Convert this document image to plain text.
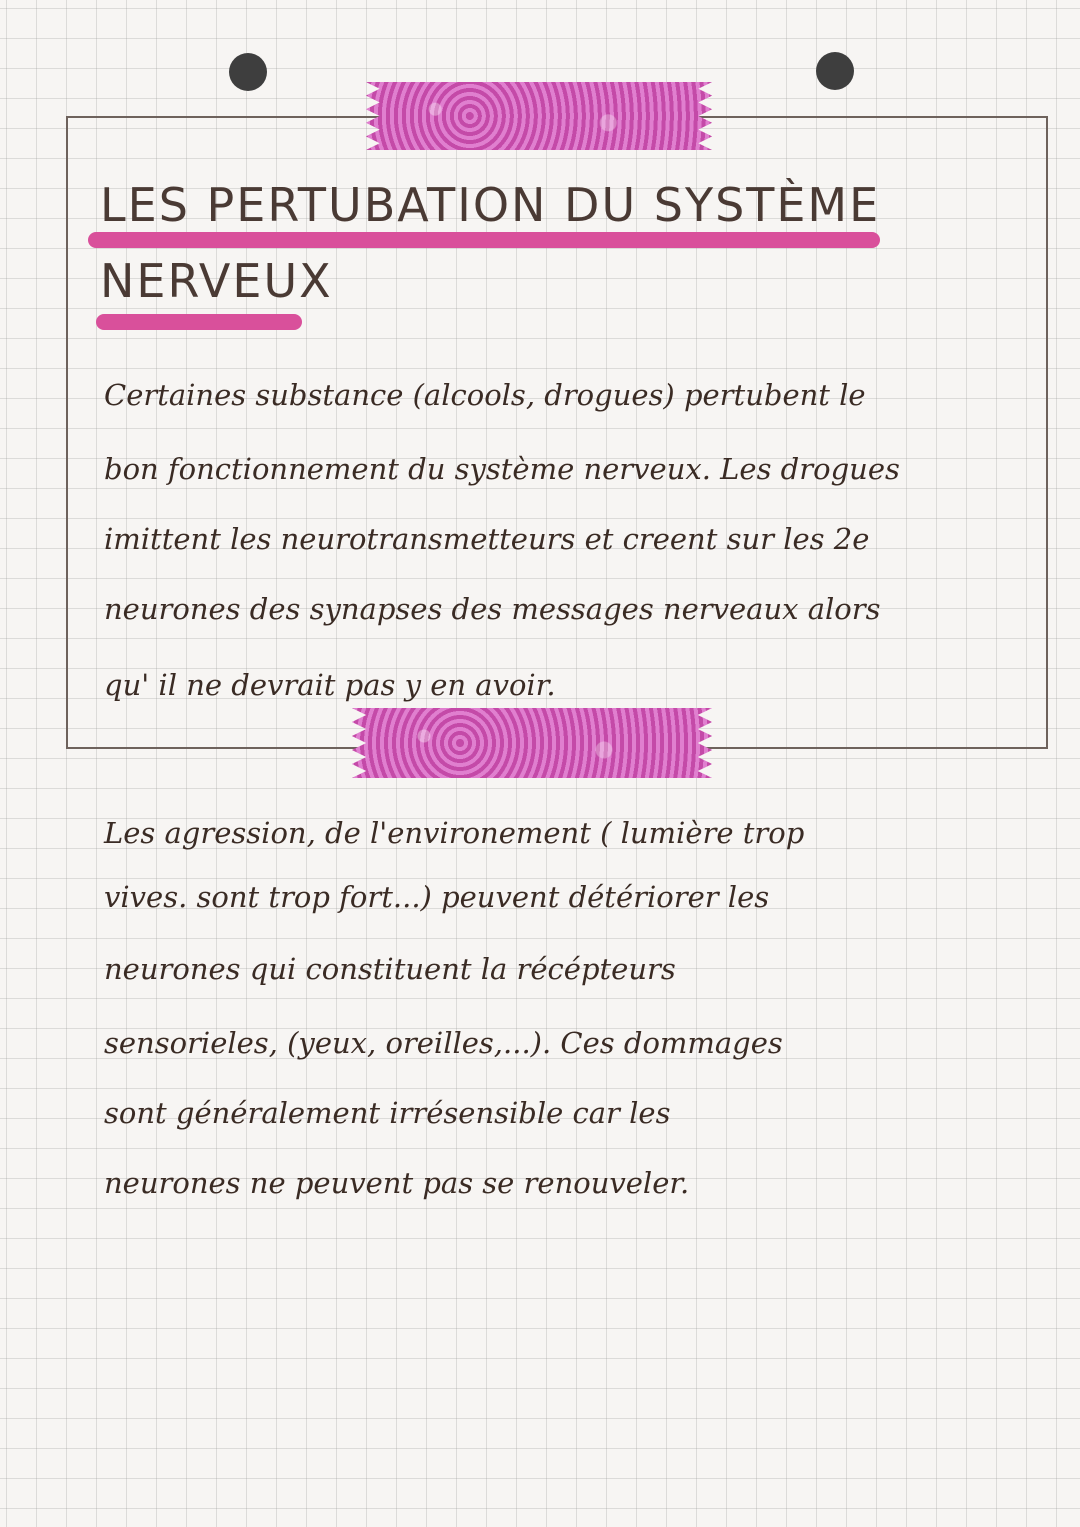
LES PERTUBATION DU SYSTÈME
NERVEUX

Certaines substance (alcools, drogues) pertubent le

bon fonctionnement du système nerveux. Les drogues

imittent les neurotransmetteurs et creent sur les 2e

neurones des synapses des messages nerveaux alors

qu' il ne devrait pas y en avoir.

Les agression, de l'environement ( lumière trop

vives. sont trop fort...) peuvent détériorer les

neurones qui constituent la récépteurs

sensorieles, (yeux, oreilles,...). Ces dommages

sont généralement irrésensible car les

neurones ne peuvent pas se renouveler.
